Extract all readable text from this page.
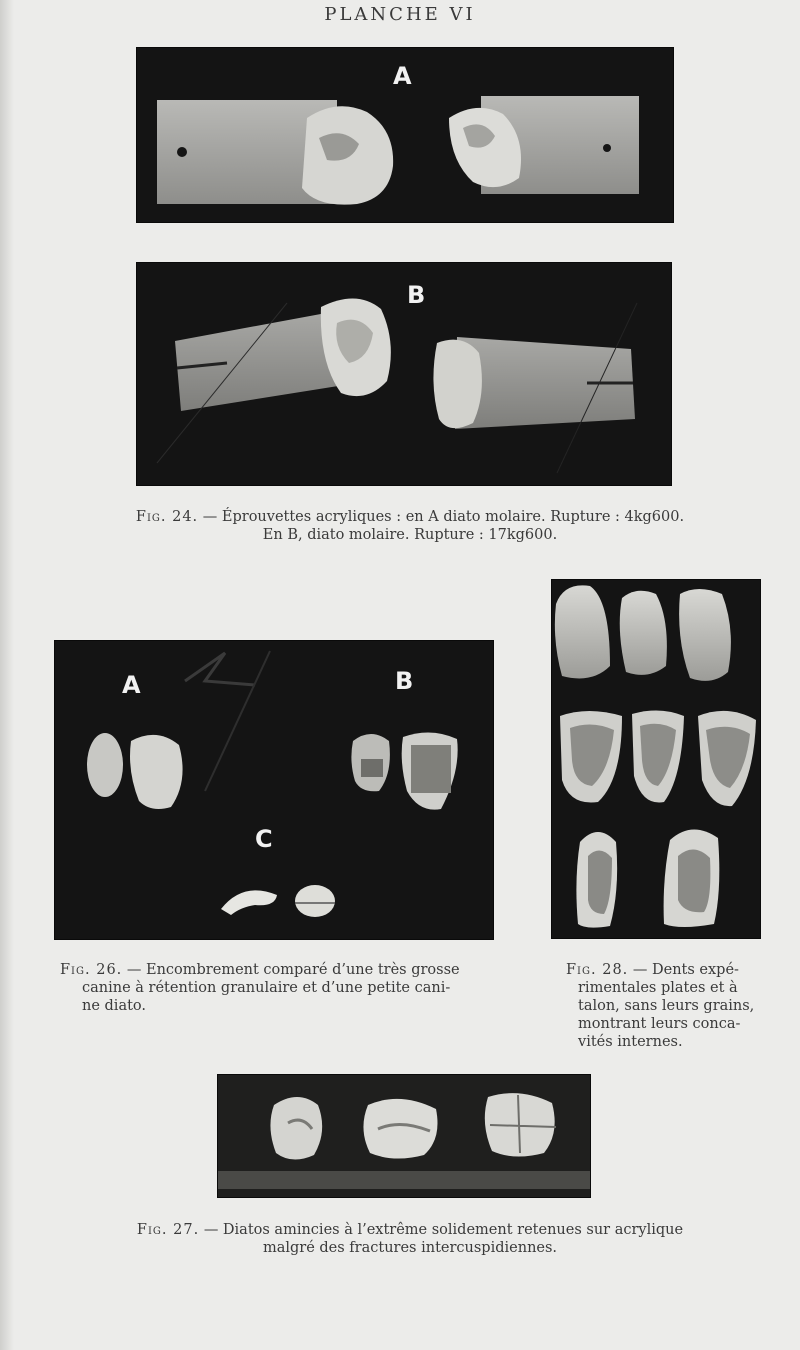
PLANCHE VI
A
B
Fig. 24. — Éprouvettes acryliques : en A diato molaire. Rupture : 4kg600.
En B, diato molaire. Rupture : 17kg600.
A	B
C
Fig. 26. — Encombrement comparé d’une très grosse
canine à rétention granulaire et d’une petite cani-
ne diato.
Fig. 28. — Dents expé-
rimentales plates et à
talon, sans leurs grains,
montrant leurs conca-
vités internes.
Fig. 27. — Diatos amincies à l’extrême solidement retenues sur acrylique
malgré des fractures intercuspidiennes.
